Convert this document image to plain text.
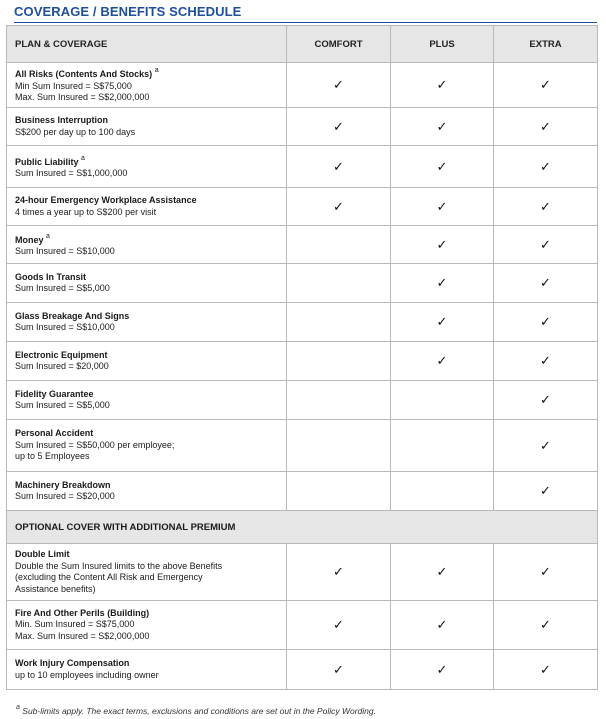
COVERAGE / BENEFITS SCHEDULE
PLAN & COVERAGE	COMFORT	PLUS	EXTRA

All Risks (Contents And Stocks) $^a$
Min Sum Insured = S$75,000
Max. Sum Insured = S$2,000,000	✓	✓	✓

Business Interruption
S$200 per day up to 100 days	✓	✓	✓

Public Liability $^a$
Sum Insured = S$1,000,000	✓	✓	✓

24-hour Emergency Workplace Assistance
4 times a year up to S$200 per visit	✓	✓	✓

Money $^a$
Sum Insured = S$10,000		✓	✓

Goods In Transit
Sum Insured = S$5,000		✓	✓

Glass Breakage And Signs
Sum Insured = S$10,000		✓	✓

Electronic Equipment
Sum Insured = $20,000		✓	✓

Fidelity Guarantee
Sum Insured = S$5,000			✓

Personal Accident
Sum Insured = S$50,000 per employee;
up to 5 Employees			✓

Machinery Breakdown
Sum Insured = S$20,000			✓
OPTIONAL COVER WITH ADDITIONAL PREMIUM			

Double Limit
Double the Sum Insured limits to the above Benefits
(excluding the Content All Risk and Emergency
Assistance benefits)	✓	✓	✓

Fire And Other Perils (Building)
Min. Sum Insured = S$75,000
Max. Sum Insured = S$2,000,000	✓	✓	✓

Work Injury Compensation
up to 10 employees including owner	✓	✓	✓
$^a$ Sub-limits apply. The exact terms, exclusions and conditions are set out in the Policy Wording.
